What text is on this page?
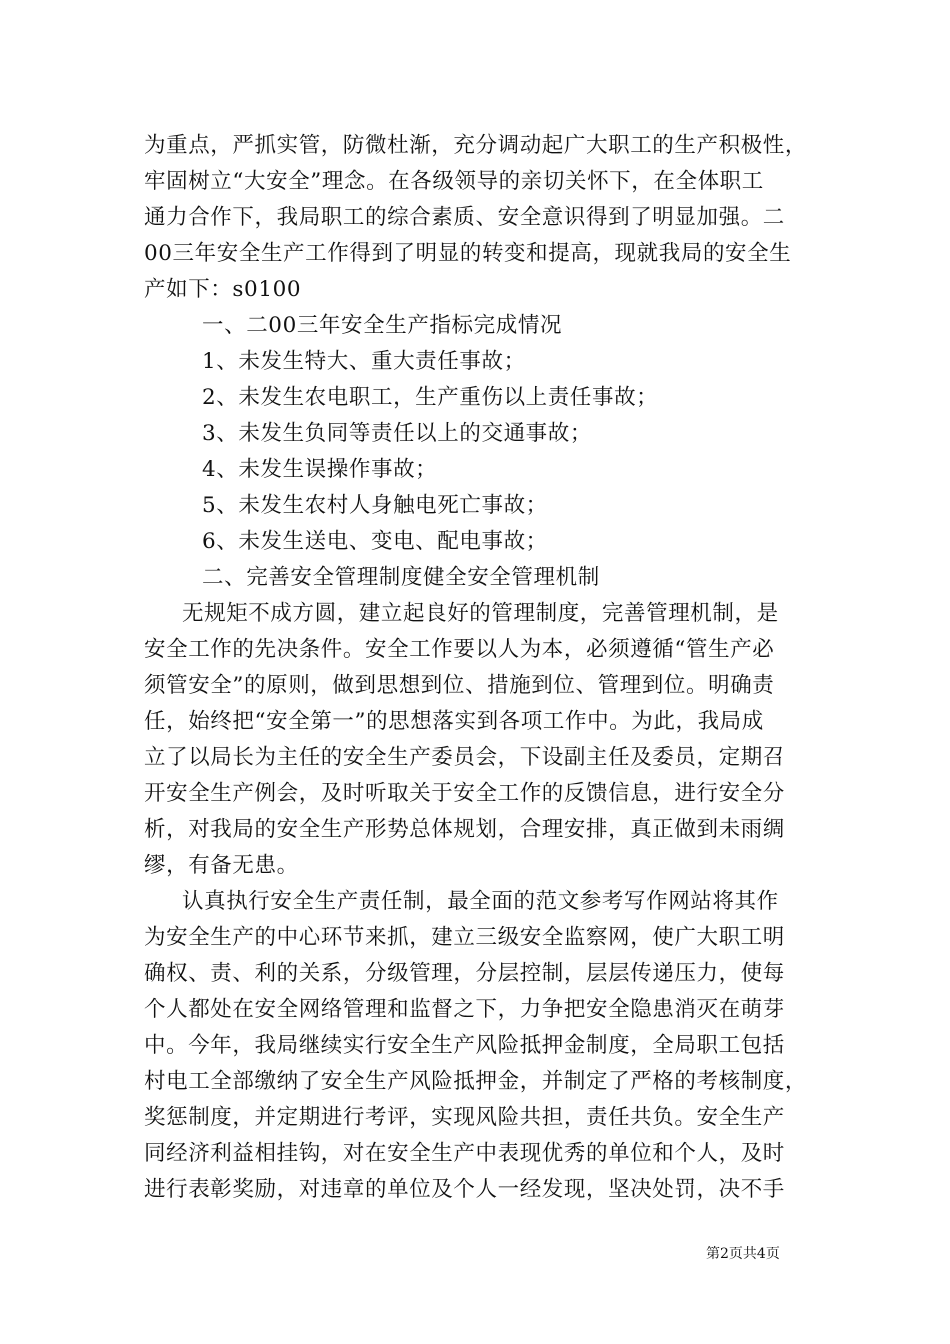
为重点，严抓实管，防微杜渐，充分调动起广大职工的生产积极性，
牢固树立“大安全”理念。在各级领导的亲切关怀下，在全体职工
通力合作下，我局职工的综合素质、安全意识得到了明显加强。二
00三年安全生产工作得到了明显的转变和提高，现就我局的安全生
产如下：s0100
一、二00三年安全生产指标完成情况
1、未发生特大、重大责任事故；
2、未发生农电职工，生产重伤以上责任事故；
3、未发生负同等责任以上的交通事故；
4、未发生误操作事故；
5、未发生农村人身触电死亡事故；
6、未发生送电、变电、配电事故；
二、完善安全管理制度健全安全管理机制
无规矩不成方圆，建立起良好的管理制度，完善管理机制，是
安全工作的先决条件。安全工作要以人为本，必须遵循“管生产必
须管安全”的原则，做到思想到位、措施到位、管理到位。明确责
任，始终把“安全第一”的思想落实到各项工作中。为此，我局成
立了以局长为主任的安全生产委员会，下设副主任及委员，定期召
开安全生产例会，及时听取关于安全工作的反馈信息，进行安全分
析，对我局的安全生产形势总体规划，合理安排，真正做到未雨绸
缪，有备无患。
认真执行安全生产责任制，最全面的范文参考写作网站将其作
为安全生产的中心环节来抓，建立三级安全监察网，使广大职工明
确权、责、利的关系，分级管理，分层控制，层层传递压力，使每
个人都处在安全网络管理和监督之下，力争把安全隐患消灭在萌芽
中。今年，我局继续实行安全生产风险抵押金制度，全局职工包括
村电工全部缴纳了安全生产风险抵押金，并制定了严格的考核制度，
奖惩制度，并定期进行考评，实现风险共担，责任共负。安全生产
同经济利益相挂钩，对在安全生产中表现优秀的单位和个人，及时
进行表彰奖励，对违章的单位及个人一经发现，坚决处罚，决不手
第2页共4页
